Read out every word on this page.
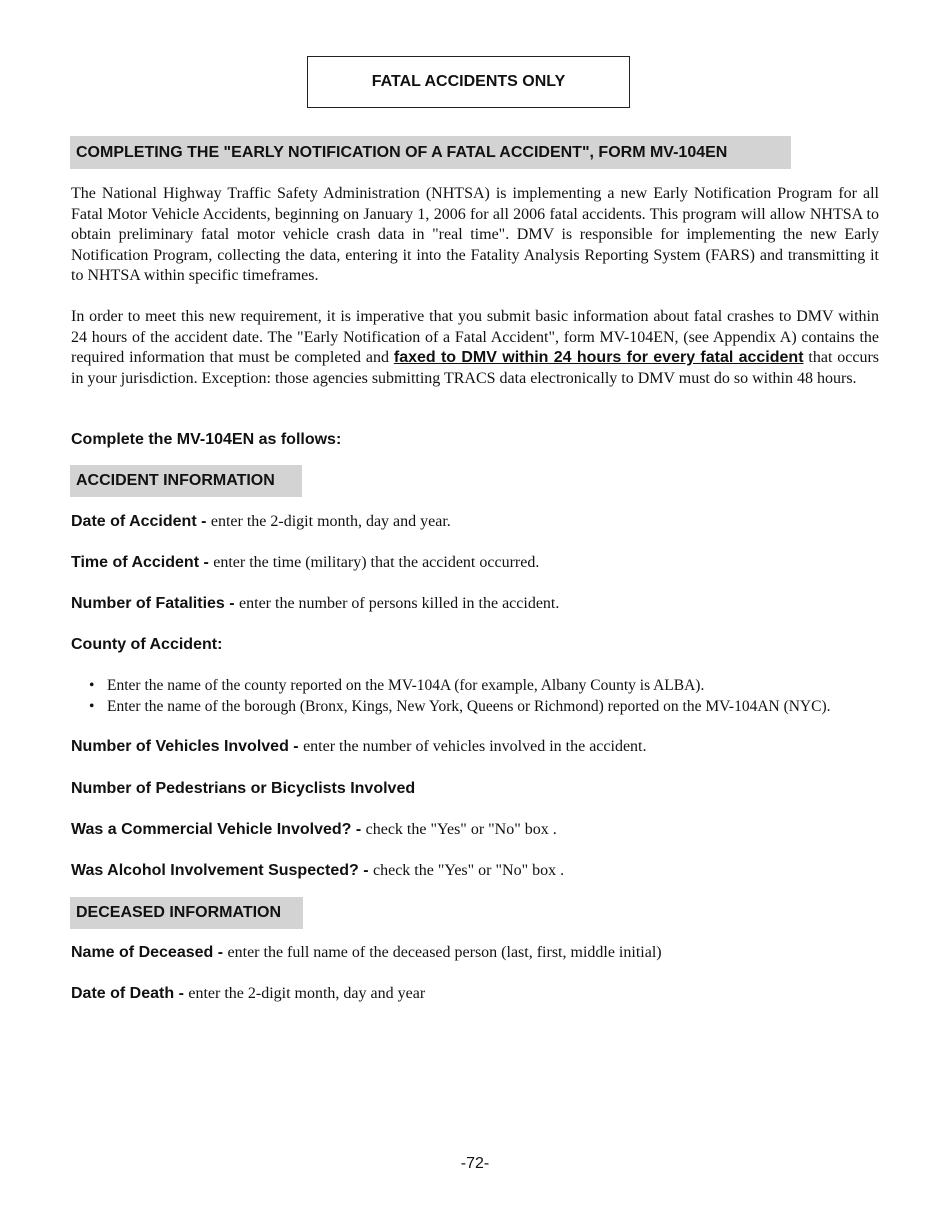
FATAL ACCIDENTS ONLY
COMPLETING THE "EARLY NOTIFICATION OF A FATAL ACCIDENT", FORM MV-104EN

The National Highway Traffic Safety Administration (NHTSA) is implementing a new Early Notification Program for all Fatal Motor Vehicle Accidents, beginning on January 1, 2006 for all 2006 fatal accidents. This program will allow NHTSA to obtain preliminary fatal motor vehicle crash data in "real time". DMV is responsible for implementing the new Early Notification Program, collecting the data, entering it into the Fatality Analysis Reporting System (FARS) and transmitting it to NHTSA within specific timeframes.

In order to meet this new requirement, it is imperative that you submit basic information about fatal crashes to DMV within 24 hours of the accident date. The "Early Notification of a Fatal Accident", form MV-104EN, (see Appendix A) contains the required information that must be completed and faxed to DMV within 24 hours for every fatal accident that occurs in your jurisdiction. Exception: those agencies submitting TRACS data electronically to DMV must do so within 48 hours.

Complete the MV-104EN as follows:

ACCIDENT INFORMATION

Date of Accident - enter the 2-digit month, day and year.

Time of Accident - enter the time (military) that the accident occurred.

Number of Fatalities - enter the number of persons killed in the accident.

County of Accident:

• Enter the name of the county reported on the MV-104A (for example, Albany County is ALBA).
• Enter the name of the borough (Bronx, Kings, New York, Queens or Richmond) reported on the MV-104AN (NYC).

Number of Vehicles Involved - enter the number of vehicles involved in the accident.

Number of Pedestrians or Bicyclists Involved

Was a Commercial Vehicle Involved? - check the "Yes" or "No" box .

Was Alcohol Involvement Suspected? - check the "Yes" or "No" box .

DECEASED INFORMATION

Name of Deceased - enter the full name of the deceased person (last, first, middle initial)

Date of Death - enter the 2-digit month, day and year

-72-
